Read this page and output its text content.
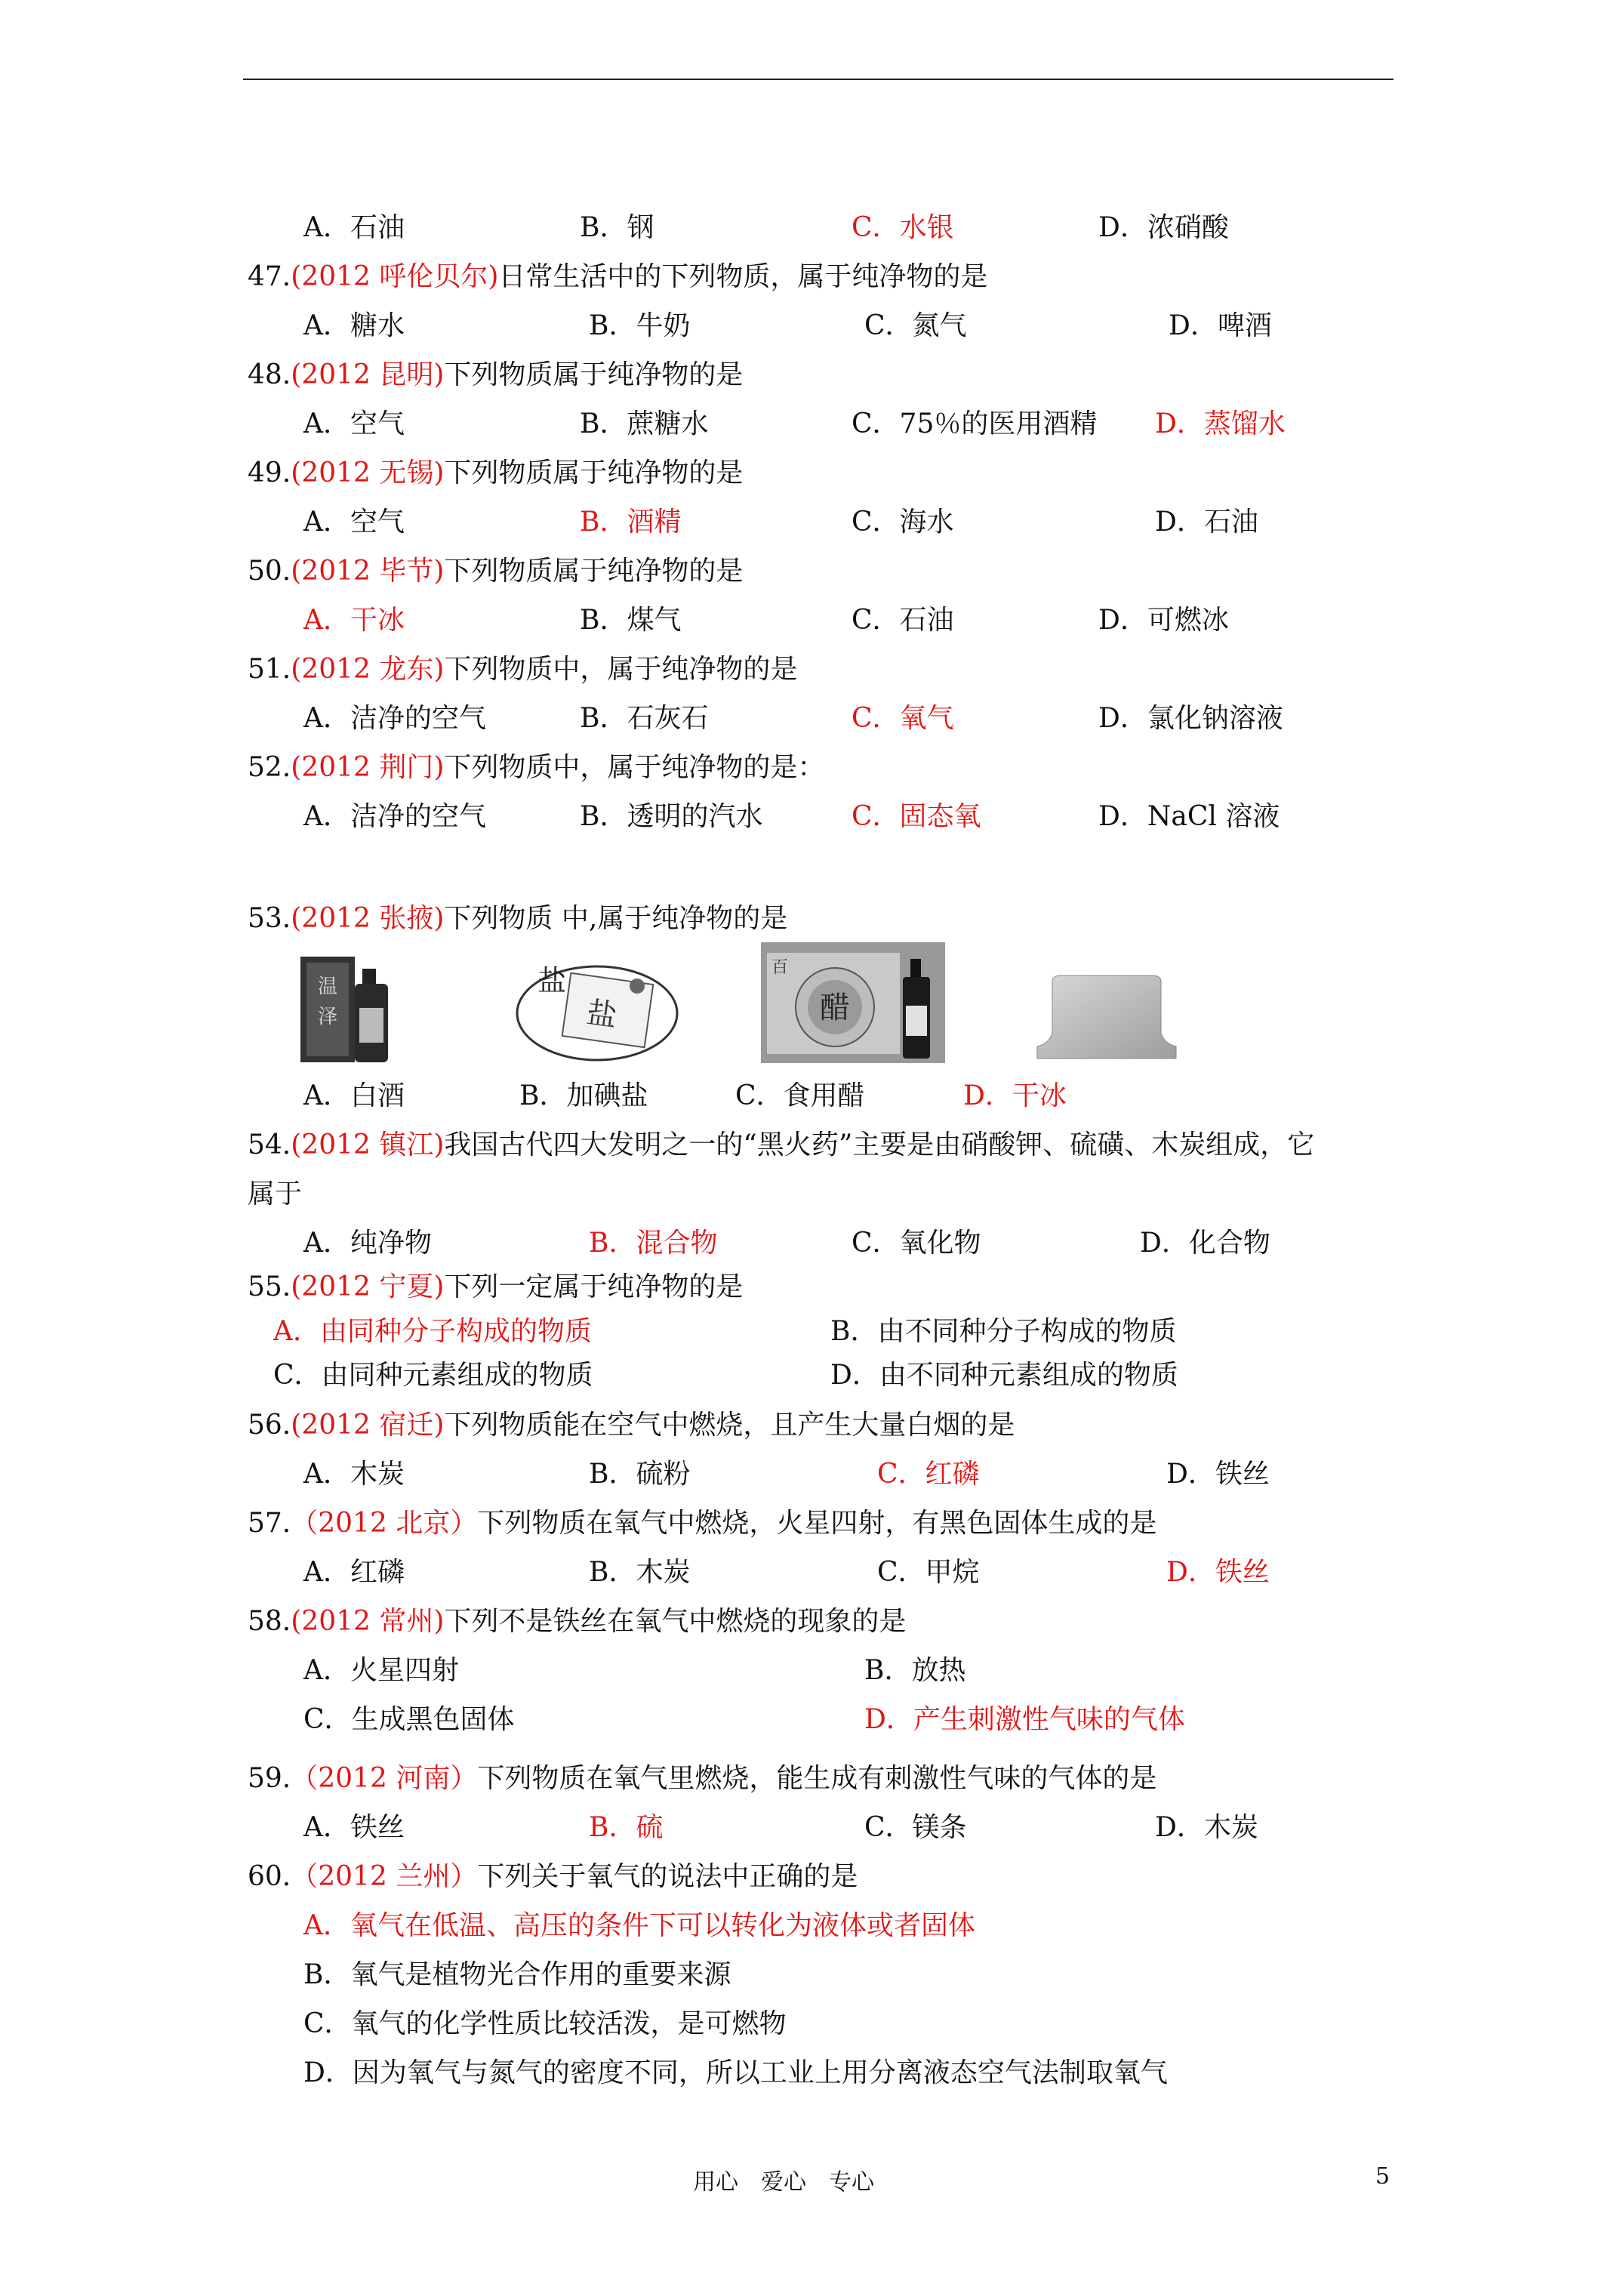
A．石油	B．钢	C．水银	D．浓硝酸
47.(2012 呼伦贝尔)日常生活中的下列物质，属于纯净物的是
A．糖水	B．牛奶	C．氮气	D．啤酒
48.(2012 昆明)下列物质属于纯净物的是
A．空气	B．蔗糖水	C．75％的医用酒精 D．蒸馏水
49.(2012 无锡)下列物质属于纯净物的是
A．空气	B．酒精	C．海水	D．石油
50.(2012 毕节)下列物质属于纯净物的是
A．干冰	B．煤气	C．石油	D．可燃冰
51.(2012 龙东)下列物质中，属于纯净物的是
A．洁净的空气	B．石灰石	C．氧气	D．氯化钠溶液
52.(2012 荆门)下列物质中，属于纯净物的是：
A．洁净的空气	B．透明的汽水	C．固态氧	D．NaCl 溶液
53.(2012 张掖)下列物质 中,属于纯净物的是
温
泽
盐
盐
百
醋
A．白酒	B．加碘盐	C．食用醋	D．干冰
54.(2012 镇江)我国古代四大发明之一的“黑火药”主要是由硝酸钾、硫磺、木炭组成，它
属于
A．纯净物	B．混合物	C．氧化物	D．化合物
55.(2012 宁夏)下列一定属于纯净物的是
A．由同种分子构成的物质	B．由不同种分子构成的物质
C．由同种元素组成的物质	D．由不同种元素组成的物质
56.(2012 宿迁)下列物质能在空气中燃烧，且产生大量白烟的是
A．木炭	B．硫粉	C．红磷	D．铁丝
57.（2012 北京）下列物质在氧气中燃烧，火星四射，有黑色固体生成的是
A．红磷	B．木炭	C．甲烷	D．铁丝
58.(2012 常州)下列不是铁丝在氧气中燃烧的现象的是
A．火星四射	B．放热
C．生成黑色固体	D．产生刺激性气味的气体
59.（2012 河南）下列物质在氧气里燃烧，能生成有刺激性气味的气体的是
A．铁丝	B．硫	C．镁条	D．木炭
60.（2012 兰州）下列关于氧气的说法中正确的是
A．氧气在低温、高压的条件下可以转化为液体或者固体
B．氧气是植物光合作用的重要来源
C．氧气的化学性质比较活泼，是可燃物
D．因为氧气与氮气的密度不同，所以工业上用分离液态空气法制取氧气
用心　爱心　专心	5
